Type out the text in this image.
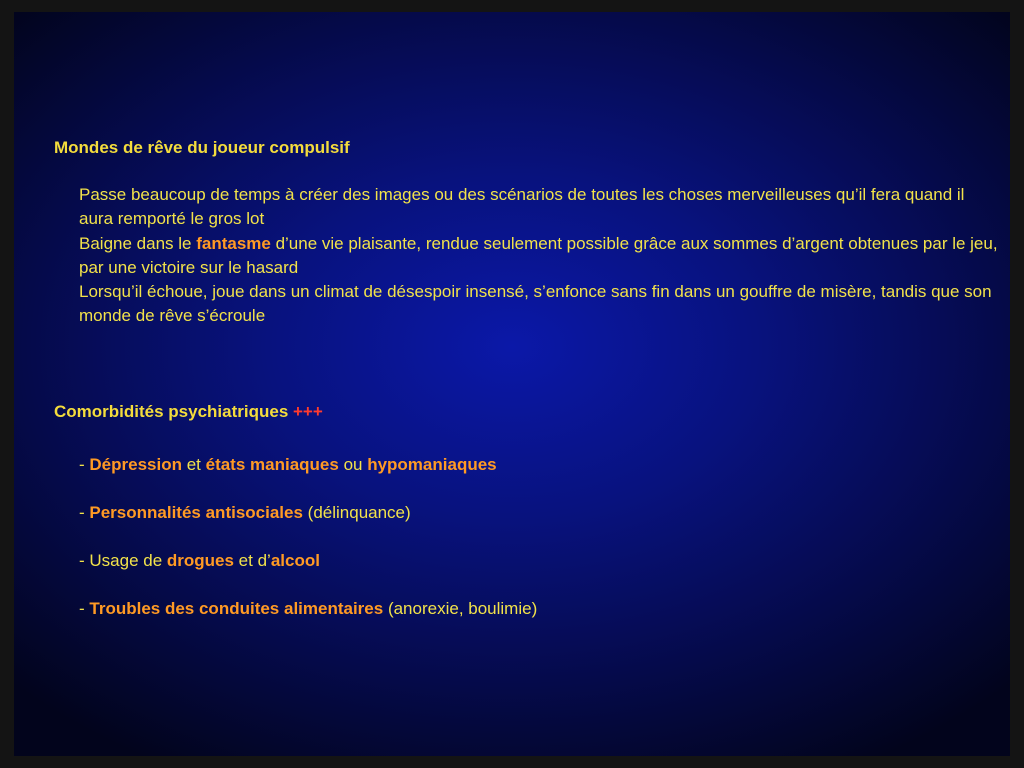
Mondes de rêve du joueur compulsif

Passe beaucoup de temps à créer des images ou des scénarios de toutes les choses merveilleuses qu’il fera quand il aura remporté le gros lot

Baigne dans le fantasme d’une vie plaisante, rendue seulement possible grâce aux sommes d’argent obtenues par le jeu, par une victoire sur le hasard

Lorsqu’il échoue, joue dans un climat de désespoir insensé, s’enfonce sans fin dans un gouffre de misère, tandis que son monde de rêve s’écroule

Comorbidités psychiatriques +++
- Dépression et états maniaques ou hypomaniaques
- Personnalités antisociales (délinquance)
- Usage de drogues et d’alcool
- Troubles des conduites alimentaires (anorexie, boulimie)
